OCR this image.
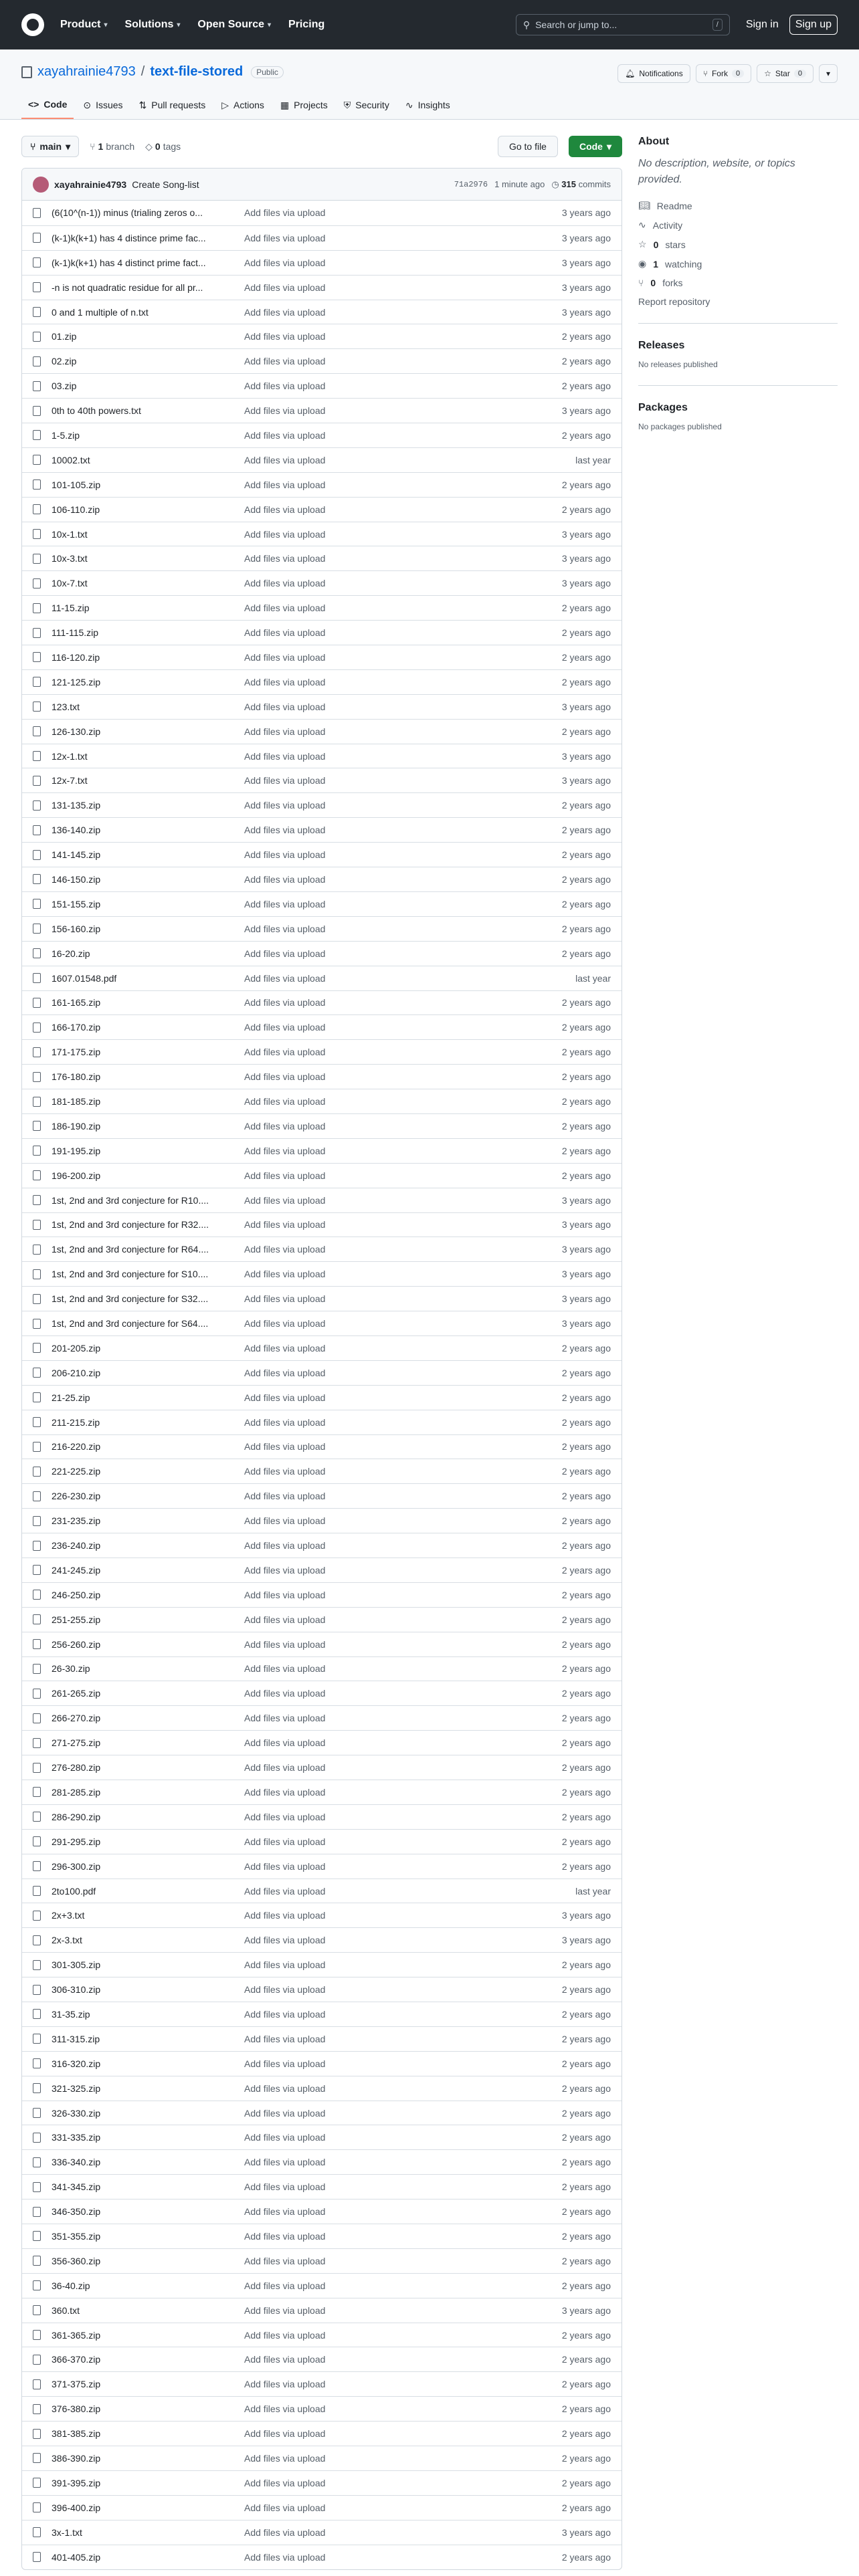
Product ▾ Solutions ▾ Open Source ▾ Pricing	⚲ Search or jump to...	/	Sign in	Sign up
xayahrainie4793 / text-file-stored	Public	🔔︎ Notifications	⑂ Fork	0	☆ Star	0	▾
<> Code ⊙ Issues ⇅ Pull requests ▷ Actions ▦ Projects ⛨ Security ∿ Insights
⑂ main ▾ ⑂ 1 branch ◇ 0 tags	Go to file	Code ▾
xayahrainie4793 Create Song-list	71a2976 1 minute ago ◷ 315 commits
(6(10^(n-1)) minus (trialing zeros o...	Add files via upload	3 years ago
(k-1)k(k+1) has 4 distince prime fac...	Add files via upload	3 years ago
(k-1)k(k+1) has 4 distinct prime fact...	Add files via upload	3 years ago
-n is not quadratic residue for all pr...	Add files via upload	3 years ago
0 and 1 multiple of n.txt	Add files via upload	3 years ago
01.zip	Add files via upload	2 years ago
02.zip	Add files via upload	2 years ago
03.zip	Add files via upload	2 years ago
0th to 40th powers.txt	Add files via upload	3 years ago
1-5.zip	Add files via upload	2 years ago
10002.txt	Add files via upload	last year
101-105.zip	Add files via upload	2 years ago
106-110.zip	Add files via upload	2 years ago
10x-1.txt	Add files via upload	3 years ago
10x-3.txt	Add files via upload	3 years ago
10x-7.txt	Add files via upload	3 years ago
11-15.zip	Add files via upload	2 years ago
111-115.zip	Add files via upload	2 years ago
116-120.zip	Add files via upload	2 years ago
121-125.zip	Add files via upload	2 years ago
123.txt	Add files via upload	3 years ago
126-130.zip	Add files via upload	2 years ago
12x-1.txt	Add files via upload	3 years ago
12x-7.txt	Add files via upload	3 years ago
131-135.zip	Add files via upload	2 years ago
136-140.zip	Add files via upload	2 years ago
141-145.zip	Add files via upload	2 years ago
146-150.zip	Add files via upload	2 years ago
151-155.zip	Add files via upload	2 years ago
156-160.zip	Add files via upload	2 years ago
16-20.zip	Add files via upload	2 years ago
1607.01548.pdf	Add files via upload	last year
161-165.zip	Add files via upload	2 years ago
166-170.zip	Add files via upload	2 years ago
171-175.zip	Add files via upload	2 years ago
176-180.zip	Add files via upload	2 years ago
181-185.zip	Add files via upload	2 years ago
186-190.zip	Add files via upload	2 years ago
191-195.zip	Add files via upload	2 years ago
196-200.zip	Add files via upload	2 years ago
1st, 2nd and 3rd conjecture for R10....	Add files via upload	3 years ago
1st, 2nd and 3rd conjecture for R32....	Add files via upload	3 years ago
1st, 2nd and 3rd conjecture for R64....	Add files via upload	3 years ago
1st, 2nd and 3rd conjecture for S10....	Add files via upload	3 years ago
1st, 2nd and 3rd conjecture for S32....	Add files via upload	3 years ago
1st, 2nd and 3rd conjecture for S64....	Add files via upload	3 years ago
201-205.zip	Add files via upload	2 years ago
206-210.zip	Add files via upload	2 years ago
21-25.zip	Add files via upload	2 years ago
211-215.zip	Add files via upload	2 years ago
216-220.zip	Add files via upload	2 years ago
221-225.zip	Add files via upload	2 years ago
226-230.zip	Add files via upload	2 years ago
231-235.zip	Add files via upload	2 years ago
236-240.zip	Add files via upload	2 years ago
241-245.zip	Add files via upload	2 years ago
246-250.zip	Add files via upload	2 years ago
251-255.zip	Add files via upload	2 years ago
256-260.zip	Add files via upload	2 years ago
26-30.zip	Add files via upload	2 years ago
261-265.zip	Add files via upload	2 years ago
266-270.zip	Add files via upload	2 years ago
271-275.zip	Add files via upload	2 years ago
276-280.zip	Add files via upload	2 years ago
281-285.zip	Add files via upload	2 years ago
286-290.zip	Add files via upload	2 years ago
291-295.zip	Add files via upload	2 years ago
296-300.zip	Add files via upload	2 years ago
2to100.pdf	Add files via upload	last year
2x+3.txt	Add files via upload	3 years ago
2x-3.txt	Add files via upload	3 years ago
301-305.zip	Add files via upload	2 years ago
306-310.zip	Add files via upload	2 years ago
31-35.zip	Add files via upload	2 years ago
311-315.zip	Add files via upload	2 years ago
316-320.zip	Add files via upload	2 years ago
321-325.zip	Add files via upload	2 years ago
326-330.zip	Add files via upload	2 years ago
331-335.zip	Add files via upload	2 years ago
336-340.zip	Add files via upload	2 years ago
341-345.zip	Add files via upload	2 years ago
346-350.zip	Add files via upload	2 years ago
351-355.zip	Add files via upload	2 years ago
356-360.zip	Add files via upload	2 years ago
36-40.zip	Add files via upload	2 years ago
360.txt	Add files via upload	3 years ago
361-365.zip	Add files via upload	2 years ago
366-370.zip	Add files via upload	2 years ago
371-375.zip	Add files via upload	2 years ago
376-380.zip	Add files via upload	2 years ago
381-385.zip	Add files via upload	2 years ago
386-390.zip	Add files via upload	2 years ago
391-395.zip	Add files via upload	2 years ago
396-400.zip	Add files via upload	2 years ago
3x-1.txt	Add files via upload	3 years ago
401-405.zip	Add files via upload	2 years ago
About

No description, website, or topics provided.

📖︎ Readme
∿ Activity
☆ 0 stars
◉ 1 watching
⑂ 0 forks
Report repository
Releases
No releases published
Packages
No packages published
